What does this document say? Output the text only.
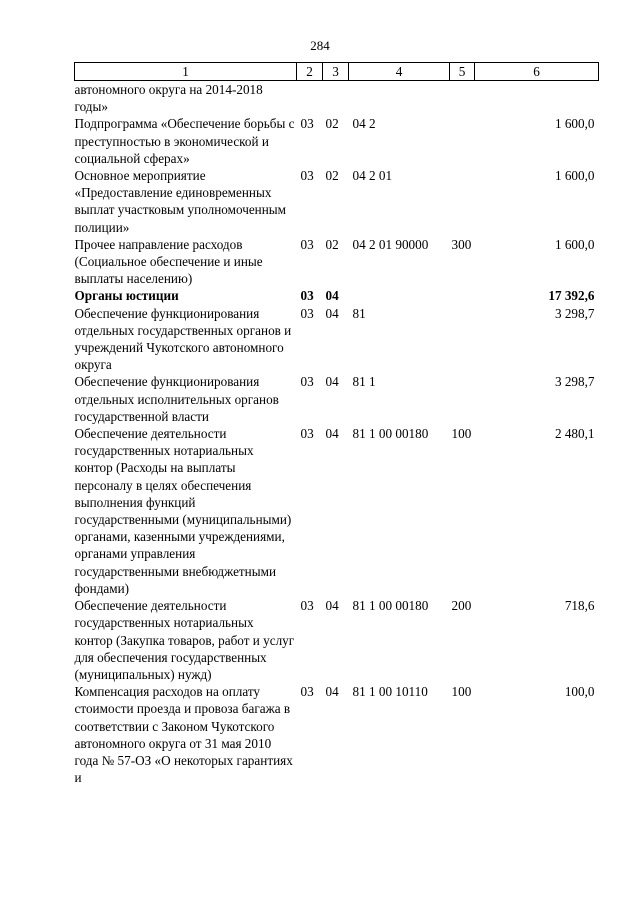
284
1	2	3	4	5	6
автономного округа на 2014-2018 годы»					
Подпрограмма «Обеспечение борьбы с преступностью в экономической и социальной сферах»	03	02	04 2		1 600,0
Основное мероприятие «Предоставление единовременных выплат участковым уполномоченным полиции»	03	02	04 2 01		1 600,0
Прочее направление расходов (Социальное обеспечение и иные выплаты населению)	03	02	04 2 01 90000	300	1 600,0
Органы юстиции	03	04			17 392,6
Обеспечение функционирования отдельных государственных органов и учреждений Чукотского автономного округа	03	04	81		3 298,7
Обеспечение функционирования отдельных исполнительных органов государственной власти	03	04	81 1		3 298,7
Обеспечение деятельности государственных нотариальных контор (Расходы на выплаты персоналу в целях обеспечения выполнения функций государственными (муниципальными) органами, казенными учреждениями, органами управления государственными внебюджетными фондами)	03	04	81 1 00 00180	100	2 480,1
Обеспечение деятельности государственных нотариальных контор (Закупка товаров, работ и услуг для обеспечения государственных (муниципальных) нужд)	03	04	81 1 00 00180	200	718,6
Компенсация расходов на оплату стоимости проезда и провоза багажа в соответствии с Законом Чукотского автономного округа от 31 мая 2010 года № 57-ОЗ «О некоторых гарантиях и	03	04	81 1 00 10110	100	100,0
